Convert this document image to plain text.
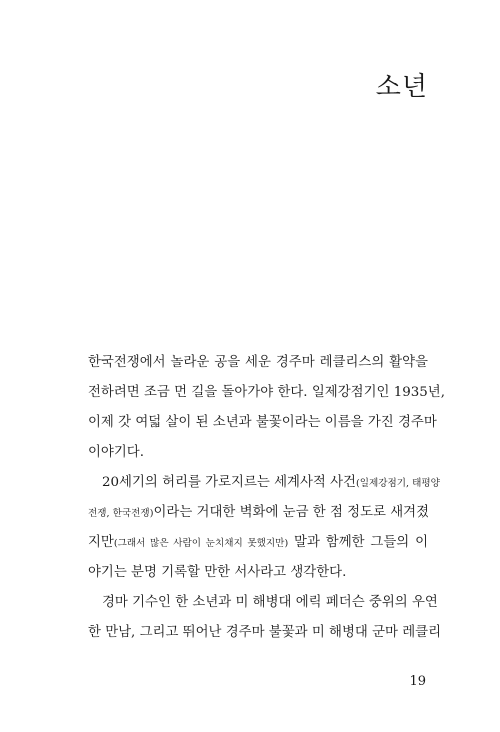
소년
한국전쟁에서 놀라운 공을 세운 경주마 레클리스의 활약을
전하려면 조금 먼 길을 돌아가야 한다. 일제강점기인 1935년,
이제 갓 여덟 살이 된 소년과 불꽃이라는 이름을 가진 경주마
이야기다.
20세기의 허리를 가로지르는 세계사적 사건(일제강점기, 태평양
전쟁, 한국전쟁)이라는 거대한 벽화에 눈금 한 점 정도로 새겨졌
지만(그래서 많은 사람이 눈치채지 못했지만) 말과 함께한 그들의 이
야기는 분명 기록할 만한 서사라고 생각한다.
경마 기수인 한 소년과 미 해병대 에릭 페더슨 중위의 우연
한 만남, 그리고 뛰어난 경주마 불꽃과 미 해병대 군마 레클리
19
